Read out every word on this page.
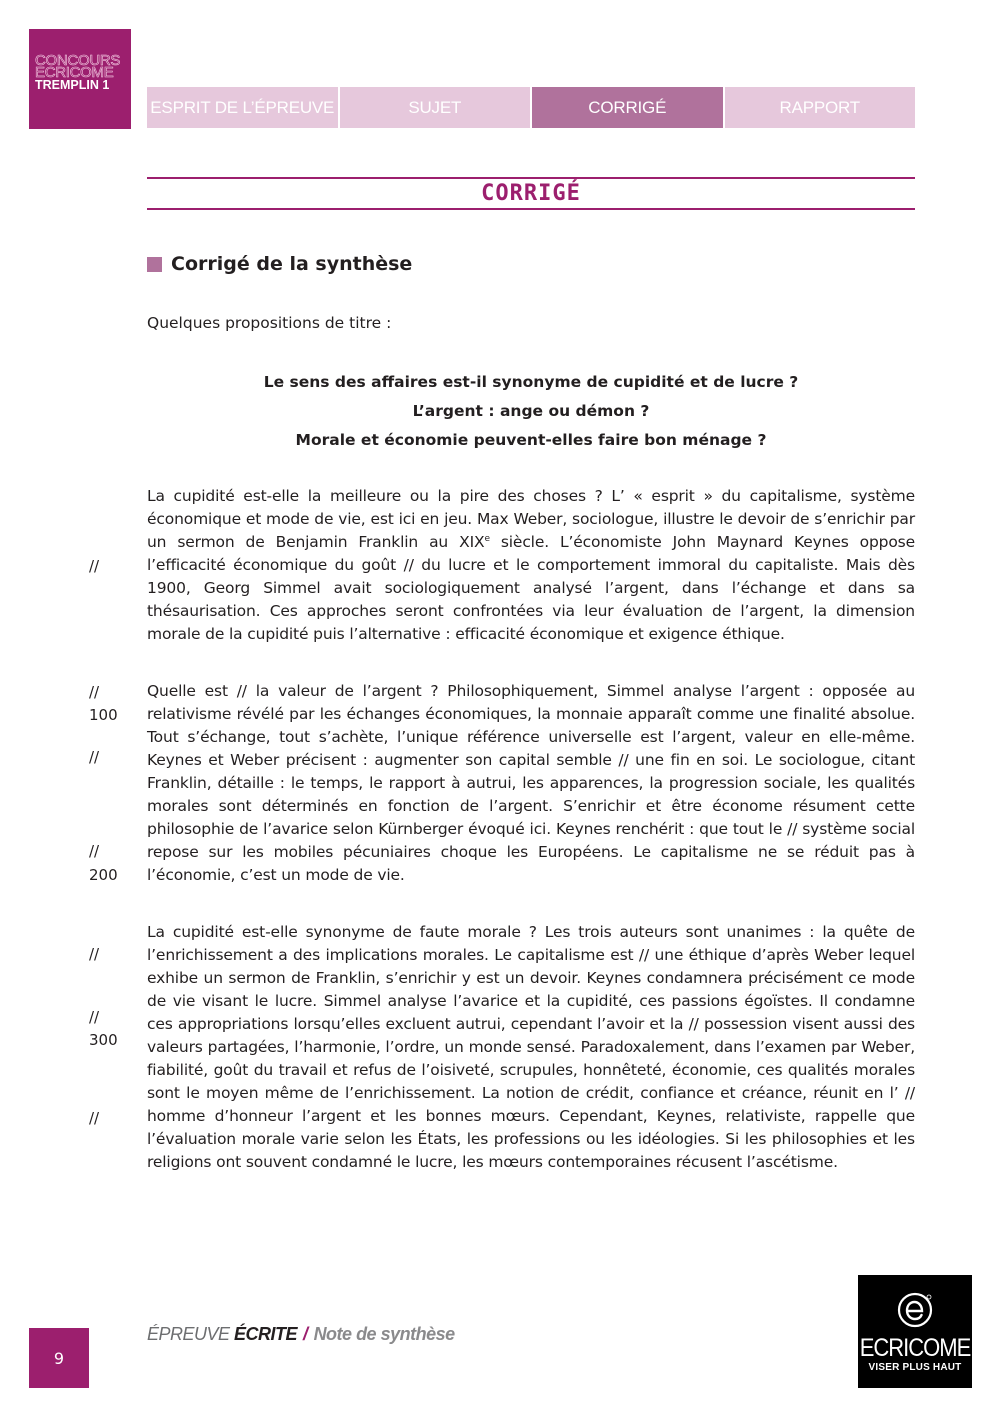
CONCOURS
ECRICOME
TREMPLIN 1
ESPRIT DE L’ÉPREUVE	SUJET	CORRIGÉ	RAPPORT
CORRIGÉ
Corrigé de la synthèse
Quelques propositions de titre :
Le sens des affaires est-il synonyme de cupidité et de lucre ?
L’argent : ange ou démon ?
Morale et économie peuvent-elles faire bon ménage ?
La cupidité est-elle la meilleure ou la pire des choses ? L’ « esprit » du capitalisme, système économique et mode de vie, est ici en jeu. Max Weber, sociologue, illustre le devoir de s’enrichir par un sermon de Benjamin Franklin au XIXe siècle. L’économiste John Maynard Keynes oppose l’efficacité économique du goût // du lucre et le comportement immoral du capitaliste. Mais dès 1900, Georg Simmel avait sociologiquement analysé l’argent, dans l’échange et dans sa thésaurisation. Ces approches seront confrontées via leur évaluation de l’argent, la dimension morale de la cupidité puis l’alternative : efficacité économique et exigence éthique.
Quelle est // la valeur de l’argent ? Philosophiquement, Simmel analyse l’argent : opposée au relativisme révélé par les échanges économiques, la monnaie apparaît comme une finalité absolue. Tout s’échange, tout s’achète, l’unique référence universelle est l’argent, valeur en elle-même. Keynes et Weber précisent : augmenter son capital semble // une fin en soi. Le sociologue, citant Franklin, détaille : le temps, le rapport à autrui, les apparences, la progression sociale, les qualités morales sont déterminés en fonction de l’argent. S’enrichir et être économe résument cette philosophie de l’avarice selon Kürnberger évoqué ici. Keynes renchérit : que tout le // système social repose sur les mobiles pécuniaires choque les Européens. Le capitalisme ne se réduit pas à l’économie, c’est un mode de vie.
La cupidité est-elle synonyme de faute morale ? Les trois auteurs sont unanimes : la quête de l’enrichissement a des implications morales. Le capitalisme est // une éthique d’après Weber lequel exhibe un sermon de Franklin, s’enrichir y est un devoir. Keynes condamnera précisément ce mode de vie visant le lucre. Simmel analyse l’avarice et la cupidité, ces passions égoïstes. Il condamne ces appropriations lorsqu’elles excluent autrui, cependant l’avoir et la // possession visent aussi des valeurs partagées, l’harmonie, l’ordre, un monde sensé. Paradoxalement, dans l’examen par Weber, fiabilité, goût du travail et refus de l’oisiveté, scrupules, honnêteté, économie, ces qualités morales sont le moyen même de l’enrichissement. La notion de crédit, confiance et créance, réunit en l’ // homme d’honneur l’argent et les bonnes mœurs. Cependant, Keynes, relativiste, rappelle que l’évaluation morale varie selon les États, les professions ou les idéologies. Si les philosophies et les religions ont souvent condamné le lucre, les mœurs contemporaines récusent l’ascétisme.
//
//
100
//
//
200
//
//
300
//
9
ÉPREUVE ÉCRITE / Note de synthèse	ECRICOME
VISER PLUS HAUT
